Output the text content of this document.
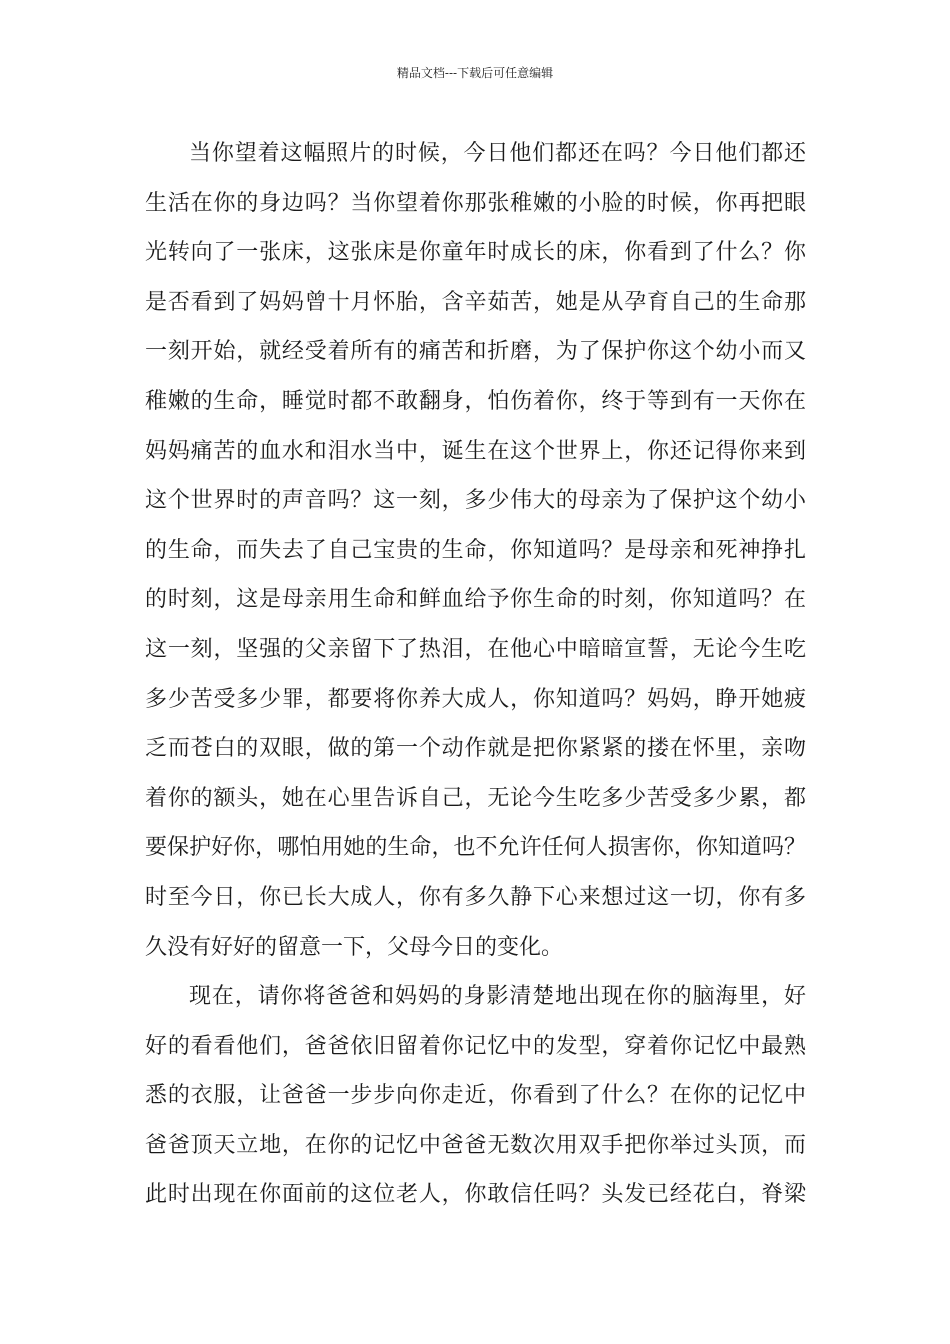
精品文档---下载后可任意编辑
当你望着这幅照片的时候，今日他们都还在吗？今日他们都还
生活在你的身边吗？当你望着你那张稚嫩的小脸的时候，你再把眼
光转向了一张床，这张床是你童年时成长的床，你看到了什么？你
是否看到了妈妈曾十月怀胎，含辛茹苦，她是从孕育自己的生命那
一刻开始，就经受着所有的痛苦和折磨，为了保护你这个幼小而又
稚嫩的生命，睡觉时都不敢翻身，怕伤着你，终于等到有一天你在
妈妈痛苦的血水和泪水当中，诞生在这个世界上，你还记得你来到
这个世界时的声音吗？这一刻，多少伟大的母亲为了保护这个幼小
的生命，而失去了自己宝贵的生命，你知道吗？是母亲和死神挣扎
的时刻，这是母亲用生命和鲜血给予你生命的时刻，你知道吗？在
这一刻，坚强的父亲留下了热泪，在他心中暗暗宣誓，无论今生吃
多少苦受多少罪，都要将你养大成人，你知道吗？妈妈，睁开她疲
乏而苍白的双眼，做的第一个动作就是把你紧紧的搂在怀里，亲吻
着你的额头，她在心里告诉自己，无论今生吃多少苦受多少累，都
要保护好你，哪怕用她的生命，也不允许任何人损害你，你知道吗？
时至今日，你已长大成人，你有多久静下心来想过这一切，你有多
久没有好好的留意一下，父母今日的变化。
现在，请你将爸爸和妈妈的身影清楚地出现在你的脑海里，好
好的看看他们，爸爸依旧留着你记忆中的发型，穿着你记忆中最熟
悉的衣服，让爸爸一步步向你走近，你看到了什么？在你的记忆中
爸爸顶天立地，在你的记忆中爸爸无数次用双手把你举过头顶，而
此时出现在你面前的这位老人，你敢信任吗？头发已经花白，脊梁
